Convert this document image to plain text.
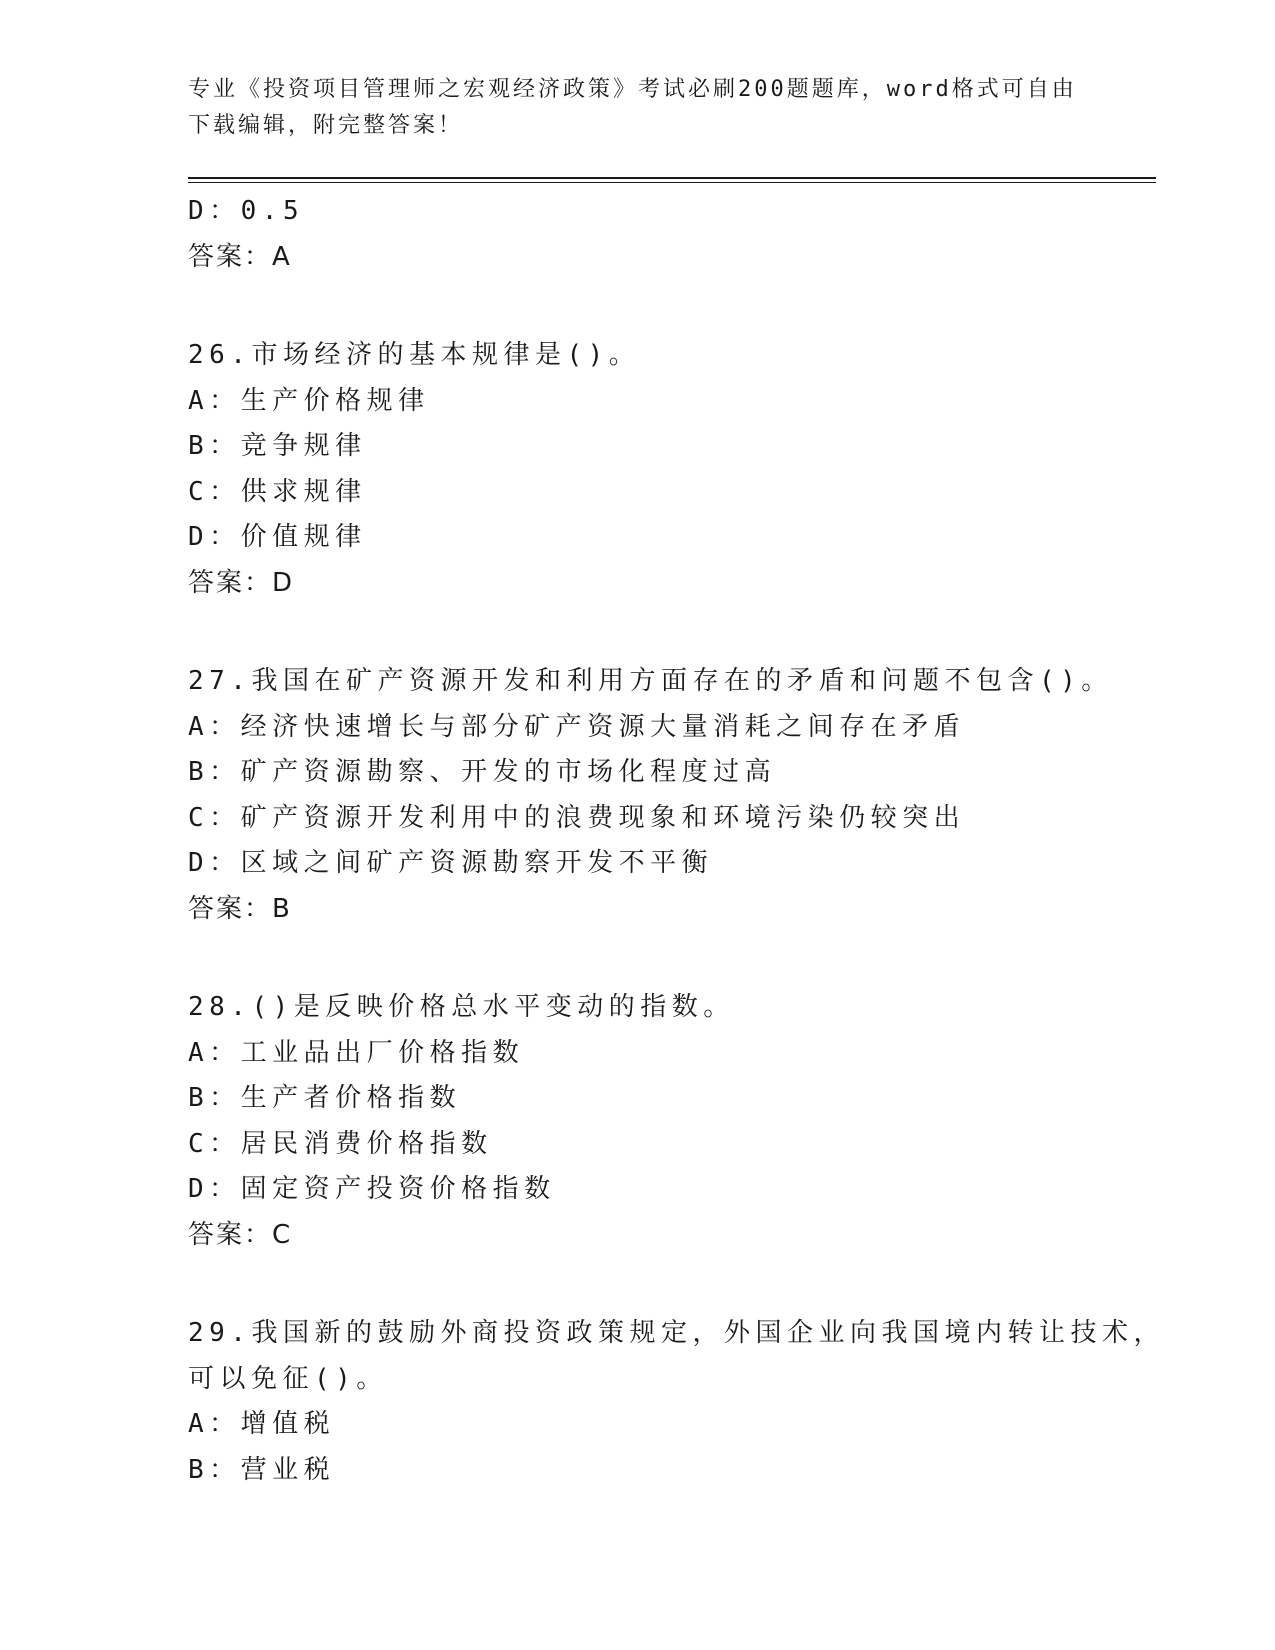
专业《投资项目管理师之宏观经济政策》考试必刷200题题库，word格式可自由
下载编辑，附完整答案！
D：0.5
答案：A
26.市场经济的基本规律是()。
A：生产价格规律
B：竞争规律
C：供求规律
D：价值规律
答案：D
27.我国在矿产资源开发和利用方面存在的矛盾和问题不包含()。
A：经济快速增长与部分矿产资源大量消耗之间存在矛盾
B：矿产资源勘察、开发的市场化程度过高
C：矿产资源开发利用中的浪费现象和环境污染仍较突出
D：区域之间矿产资源勘察开发不平衡
答案：B
28.()是反映价格总水平变动的指数。
A：工业品出厂价格指数
B：生产者价格指数
C：居民消费价格指数
D：固定资产投资价格指数
答案：C
29.我国新的鼓励外商投资政策规定，外国企业向我国境内转让技术，
可以免征()。
A：增值税
B：营业税
